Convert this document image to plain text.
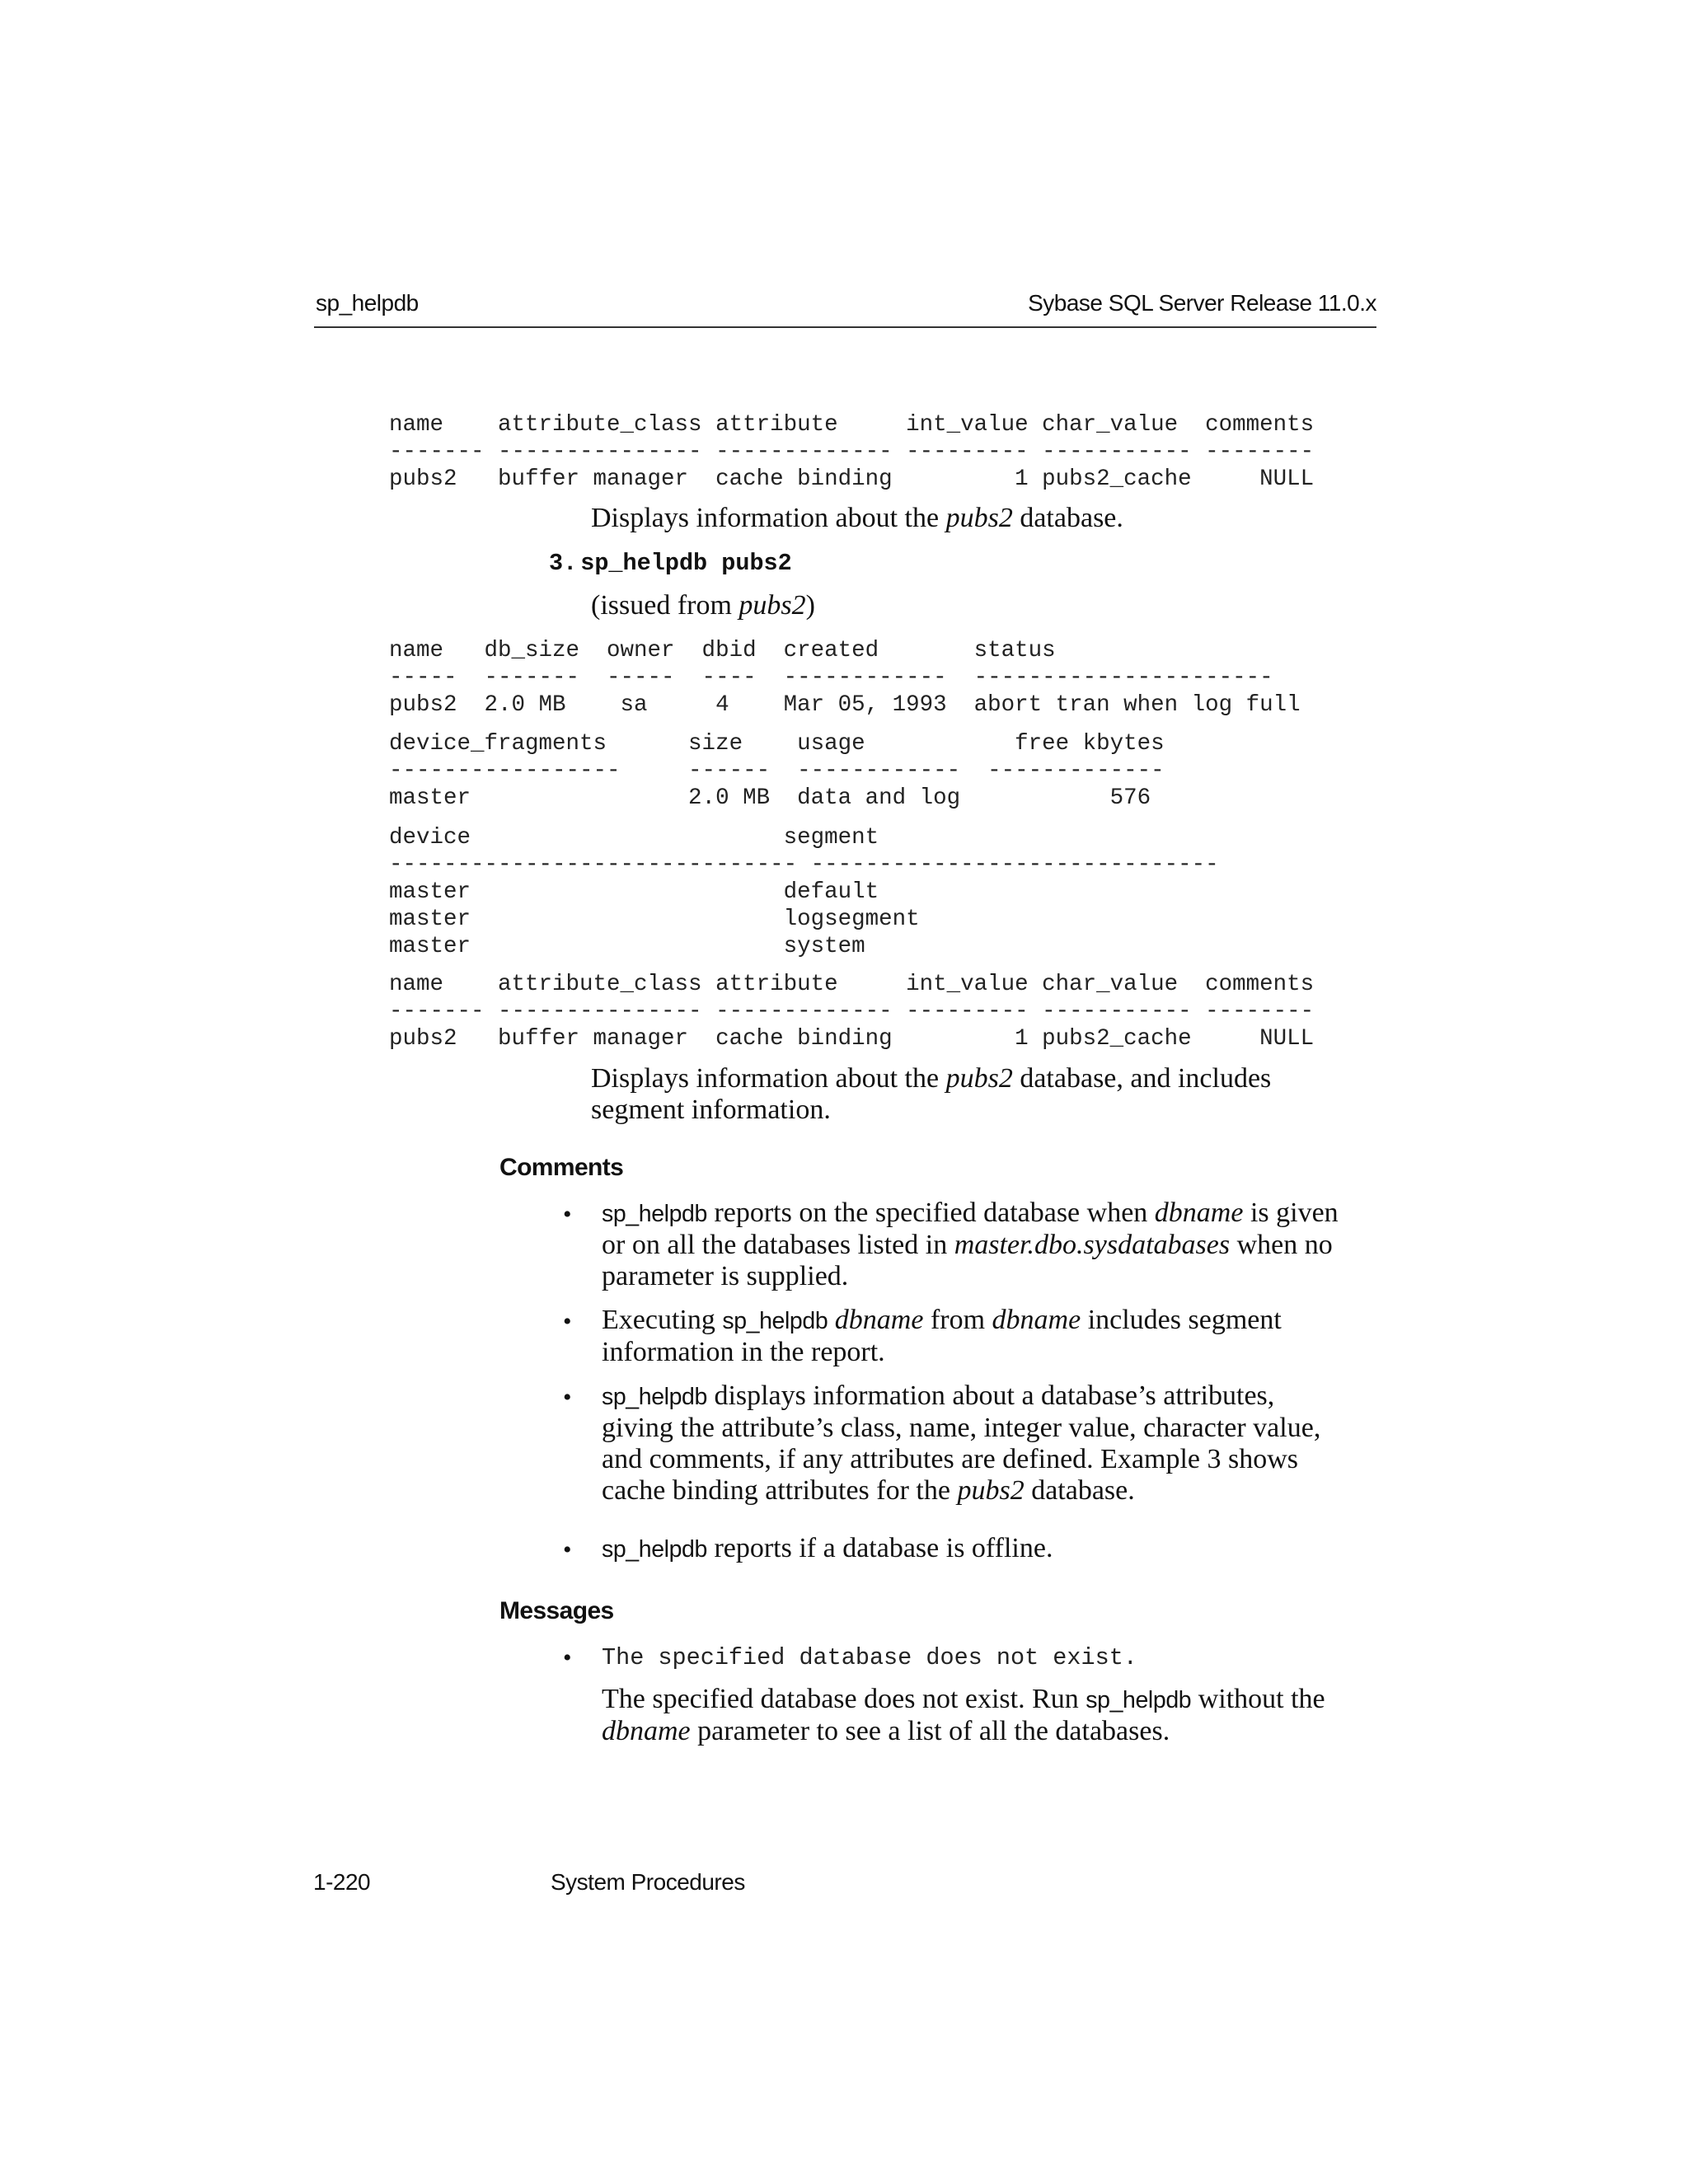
sp_helpdb	Sybase SQL Server Release 11.0.x
name    attribute_class attribute     int_value char_value  comments
------- --------------- ------------- --------- ----------- --------
pubs2   buffer manager  cache binding         1 pubs2_cache     NULL
Displays information about the pubs2 database.
3. sp_helpdb pubs2
(issued from pubs2)
name   db_size  owner  dbid  created       status
-----  -------  -----  ----  ------------  ----------------------
pubs2  2.0 MB    sa     4    Mar 05, 1993  abort tran when log full
device_fragments      size    usage           free kbytes
-----------------     ------  ------------  -------------
master                2.0 MB  data and log           576
device                       segment
------------------------------ ------------------------------
master                       default
master                       logsegment
master                       system
name    attribute_class attribute     int_value char_value  comments
------- --------------- ------------- --------- ----------- --------
pubs2   buffer manager  cache binding         1 pubs2_cache     NULL
Displays information about the pubs2 database, and includes
segment information.
Comments
• sp_helpdb reports on the specified database when dbname is given
or on all the databases listed in master.dbo.sysdatabases when no
parameter is supplied.
• Executing sp_helpdb dbname from dbname includes segment
information in the report.
• sp_helpdb displays information about a database’s attributes,
giving the attribute’s class, name, integer value, character value,
and comments, if any attributes are defined. Example 3 shows
cache binding attributes for the pubs2 database.
• sp_helpdb reports if a database is offline.
Messages
• The specified database does not exist.
The specified database does not exist. Run sp_helpdb without the
dbname parameter to see a list of all the databases.
1-220	System Procedures
